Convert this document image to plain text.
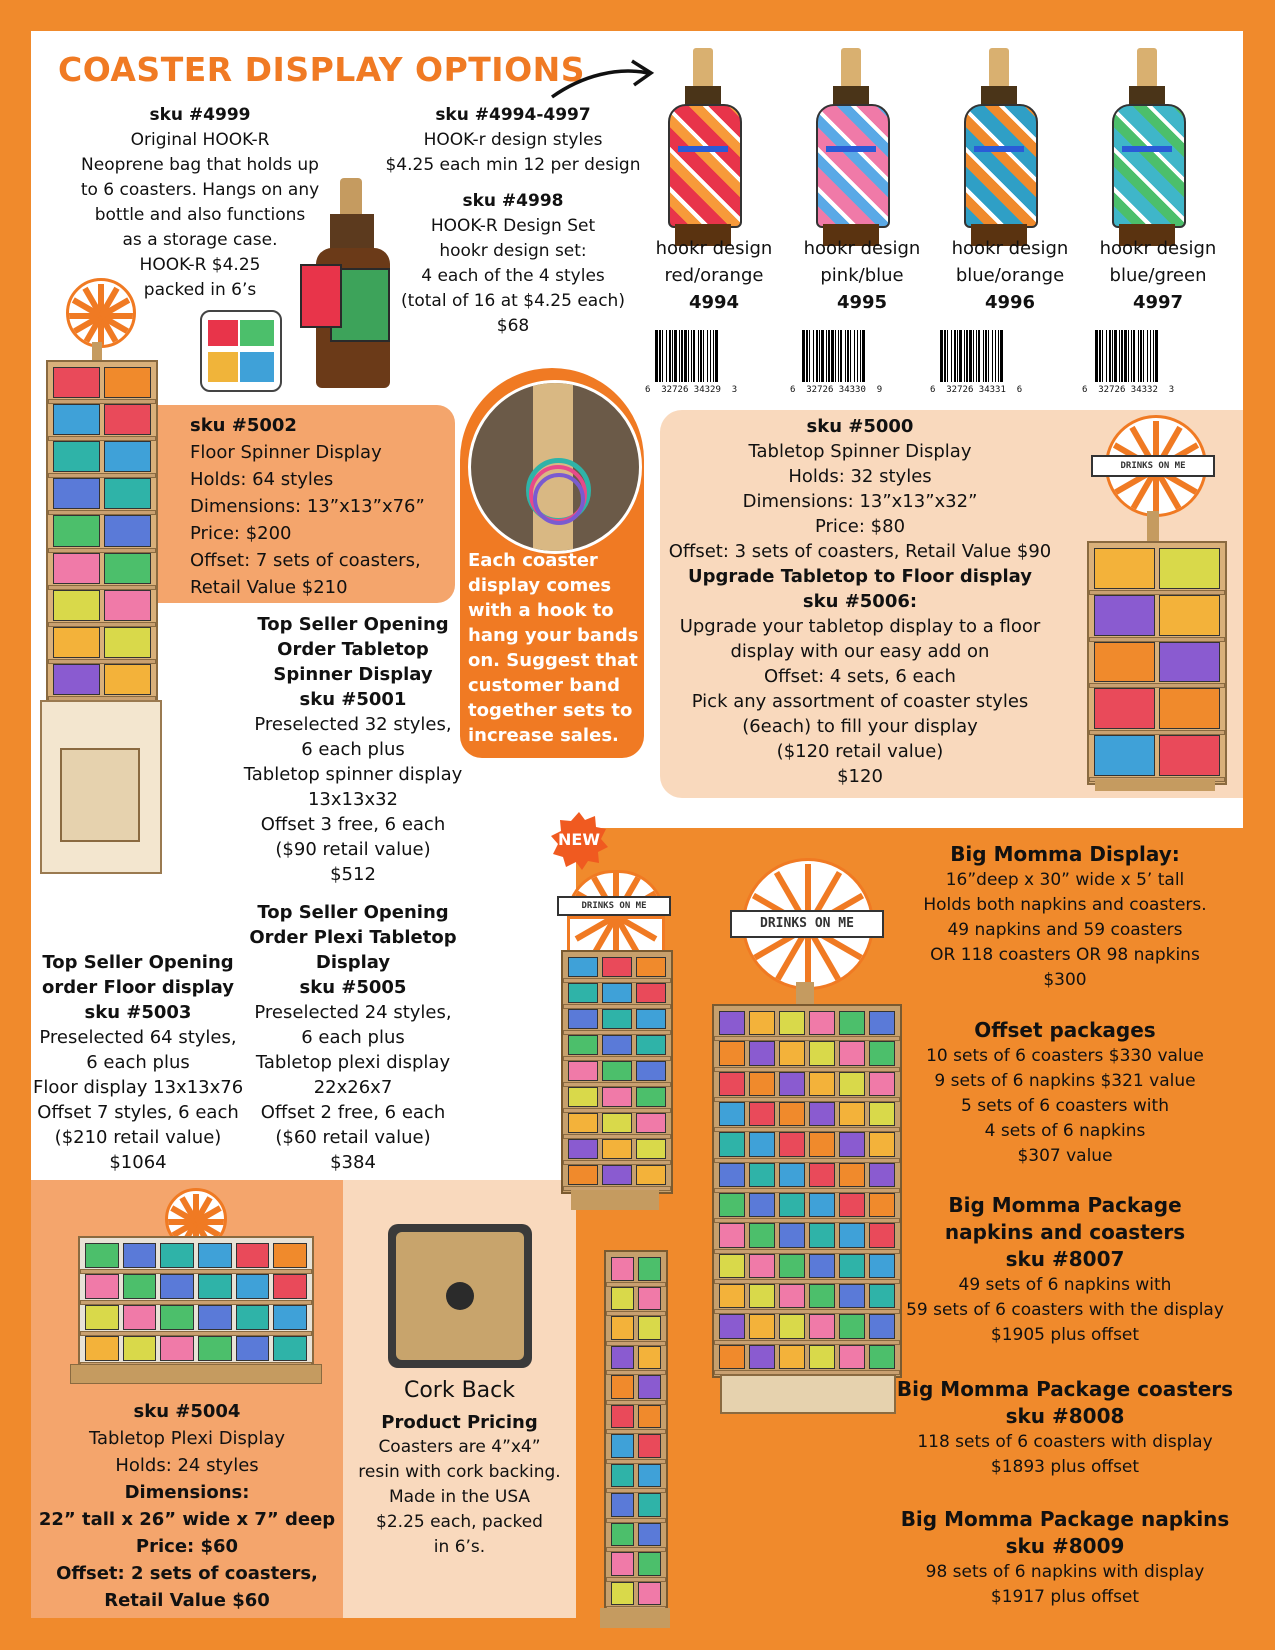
COASTER DISPLAY OPTIONS
sku #4999
Original HOOK-R
Neoprene bag that holds up
to 6 coasters. Hangs on any
bottle and also functions
as a storage case.
HOOK-R $4.25
packed in 6’s
sku #4994-4997
HOOK-r design styles
$4.25 each min 12 per design
sku #4998
HOOK-R Design Set
hookr design set:
4 each of the 4 styles
(total of 16 at $4.25 each)
$68
hookr design
red/orange
4994
hookr design
pink/blue
4995
hookr design
blue/orange
4996
hookr design
blue/green
4997
6 32726 34329 3	6 32726 34330 9	6 32726 34331 6	6 32726 34332 3
sku #5002
Floor Spinner Display
Holds: 64 styles
Dimensions: 13”x13”x76”
Price: $200
Offset: 7 sets of coasters,
Retail Value $210
Each coaster
display comes
with a hook to
hang your bands
on. Suggest that
customer band
together sets to
increase sales.
sku #5000
Tabletop Spinner Display
Holds: 32 styles
Dimensions: 13”x13”x32”
Price: $80
Offset: 3 sets of coasters, Retail Value $90
Upgrade Tabletop to Floor display
sku #5006:
Upgrade your tabletop display to a floor
display with our easy add on
Offset: 4 sets, 6 each
Pick any assortment of coaster styles
(6each) to fill your display
($120 retail value)
$120
DRINKS ON ME
Top Seller Opening
Order Tabletop
Spinner Display
sku #5001
Preselected 32 styles,
6 each plus
Tabletop spinner display
13x13x32
Offset 3 free, 6 each
($90 retail value)
$512
Top Seller Opening
Order Plexi Tabletop
Display
sku #5005
Preselected 24 styles,
6 each plus
Tabletop plexi display
22x26x7
Offset 2 free, 6 each
($60 retail value)
$384
Top Seller Opening
order Floor display
sku #5003
Preselected 64 styles,
6 each plus
Floor display 13x13x76
Offset 7 styles, 6 each
($210 retail value)
$1064
sku #5004
Tabletop Plexi Display
Holds: 24 styles
Dimensions:
22” tall x 26” wide x 7” deep
Price: $60
Offset: 2 sets of coasters,
Retail Value $60
Cork Back
Product Pricing
Coasters are 4”x4”
resin with cork backing.
Made in the USA
$2.25 each, packed
in 6’s.
NEW
DRINKS ON ME
DRINKS ON ME
Big Momma Display:
16”deep x 30” wide x 5’ tall
Holds both napkins and coasters.
49 napkins and 59 coasters
OR 118 coasters OR 98 napkins
$300
Offset packages
10 sets of 6 coasters $330 value
9 sets of 6 napkins $321 value
5 sets of 6 coasters with
4 sets of 6 napkins
$307 value
Big Momma Package
napkins and coasters
sku #8007
49 sets of 6 napkins with
59 sets of 6 coasters with the display
$1905 plus offset
Big Momma Package coasters
sku #8008
118 sets of 6 coasters with display
$1893 plus offset
Big Momma Package napkins
sku #8009
98 sets of 6 napkins with display
$1917 plus offset
